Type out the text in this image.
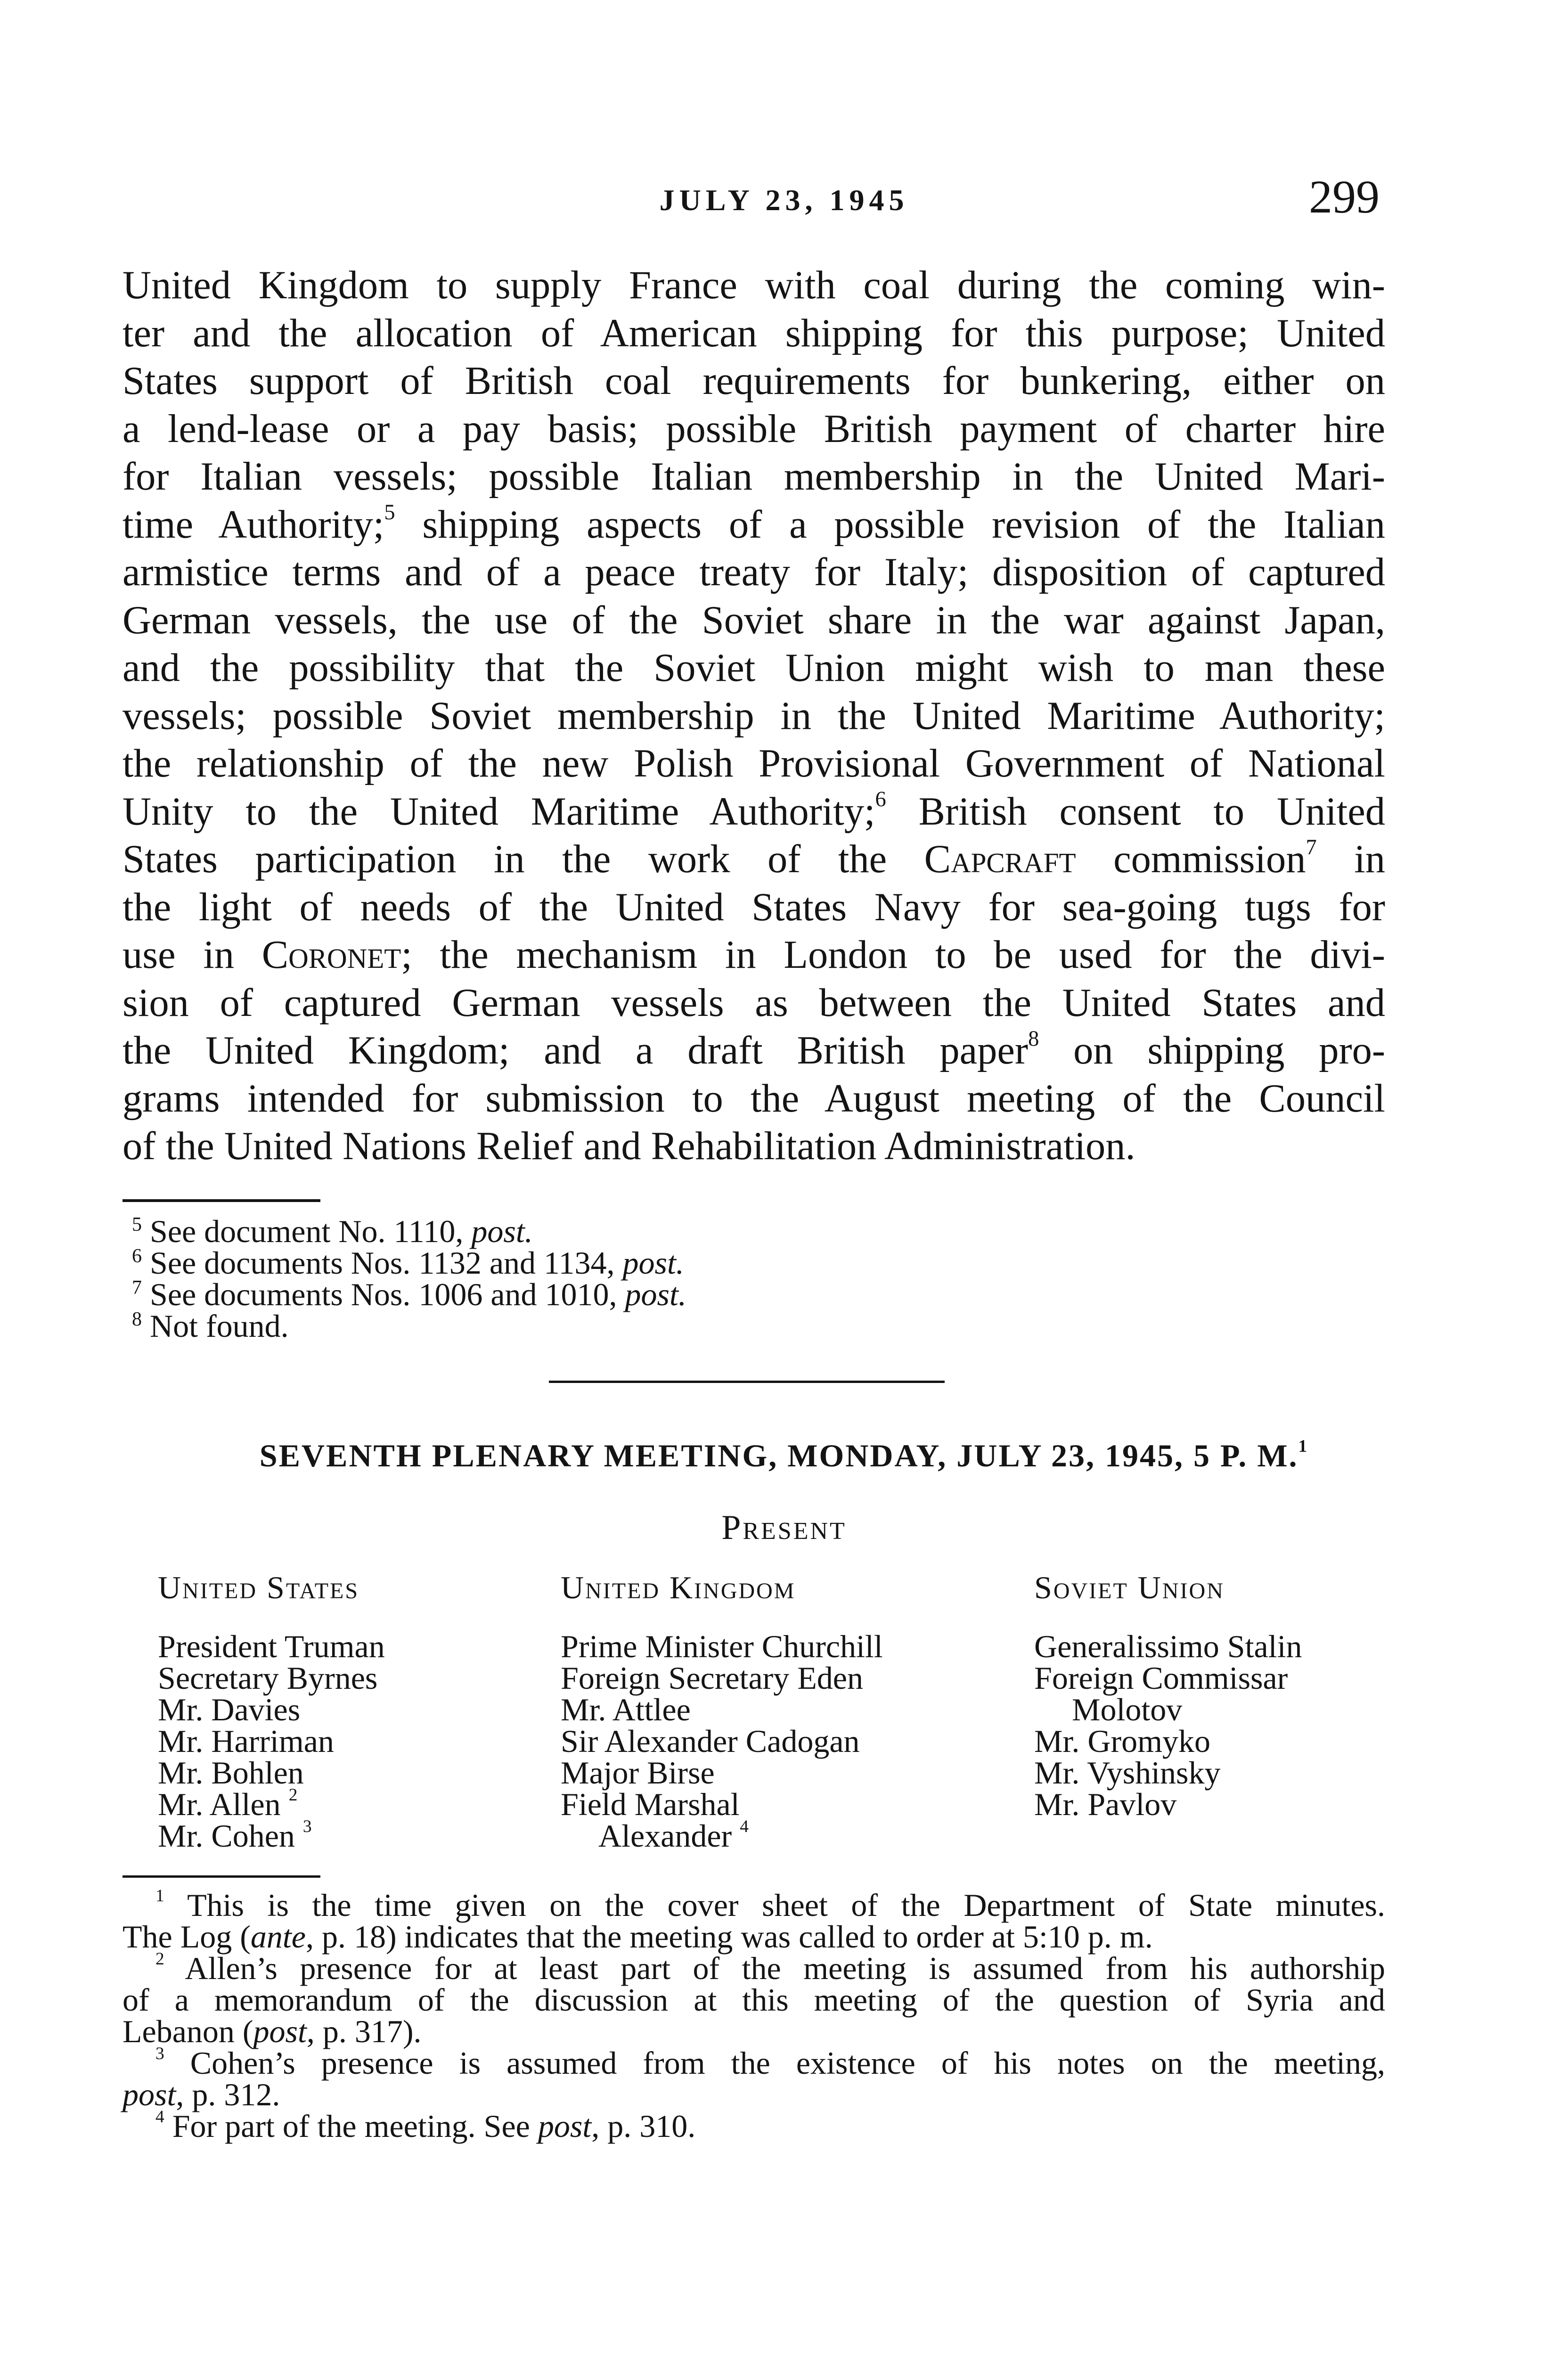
JULY 23, 1945	299

United Kingdom to supply France with coal during the coming win-
ter and the allocation of American shipping for this purpose; United
States support of British coal requirements for bunkering, either on
a lend-lease or a pay basis; possible British payment of charter hire
for Italian vessels; possible Italian membership in the United Mari-
time Authority;$^5$ shipping aspects of a possible revision of the Italian
armistice terms and of a peace treaty for Italy; disposition of captured
German vessels, the use of the Soviet share in the war against Japan,
and the possibility that the Soviet Union might wish to man these
vessels; possible Soviet membership in the United Maritime Authority;
the relationship of the new Polish Provisional Government of National
Unity to the United Maritime Authority;$^6$ British consent to United
States participation in the work of the Capcraft commission$^7$ in
the light of needs of the United States Navy for sea-going tugs for
use in Coronet; the mechanism in London to be used for the divi-
sion of captured German vessels as between the United States and
the United Kingdom; and a draft British paper$^8$ on shipping pro-
grams intended for submission to the August meeting of the Council
of the United Nations Relief and Rehabilitation Administration.

5 See document No. 1110, post.
6 See documents Nos. 1132 and 1134, post.
7 See documents Nos. 1006 and 1010, post.
8 Not found.
SEVENTH PLENARY MEETING, MONDAY, JULY 23, 1945, 5 P. M.$^1$
Present
United States
President Truman
Secretary Byrnes
Mr. Davies
Mr. Harriman
Mr. Bohlen
Mr. Allen $^2$
Mr. Cohen $^3$
United Kingdom
Prime Minister Churchill
Foreign Secretary Eden
Mr. Attlee
Sir Alexander Cadogan
Major Birse
Field Marshal
Alexander $^4$
Soviet Union
Generalissimo Stalin
Foreign Commissar
Molotov
Mr. Gromyko
Mr. Vyshinsky
Mr. Pavlov
$^1$ This is the time given on the cover sheet of the Department of State minutes.
The Log (ante, p. 18) indicates that the meeting was called to order at 5:10 p. m.
$^2$ Allen’s presence for at least part of the meeting is assumed from his authorship
of a memorandum of the discussion at this meeting of the question of Syria and
Lebanon (post, p. 317).
$^3$ Cohen’s presence is assumed from the existence of his notes on the meeting,
post, p. 312.
$^4$ For part of the meeting. See post, p. 310.
